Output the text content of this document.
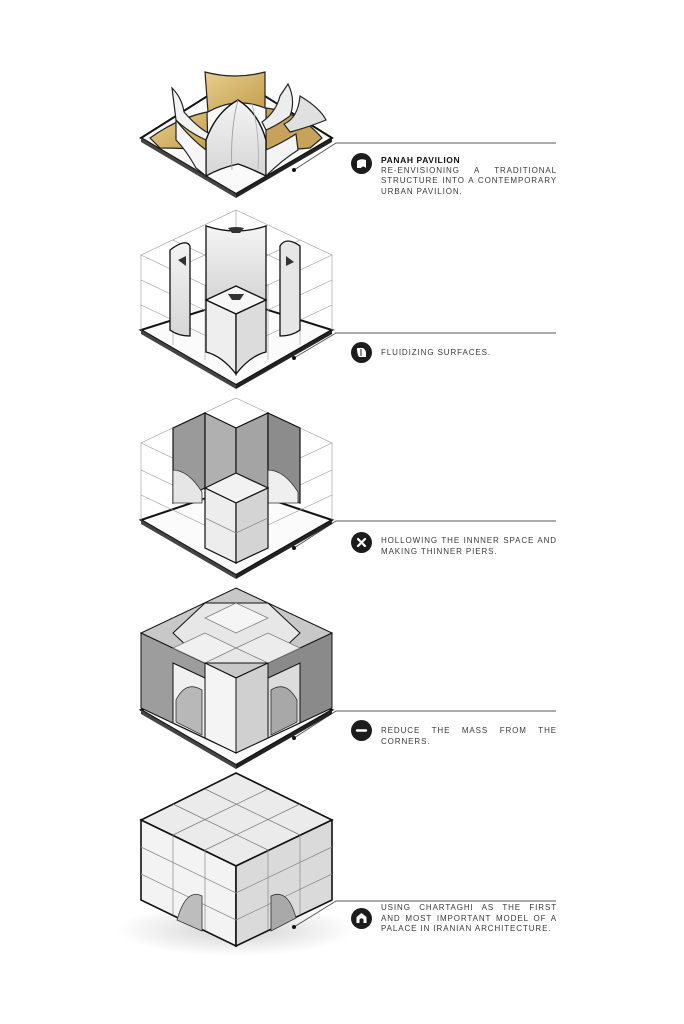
PANAH PAVILION
RE-ENVISIONING A TRADITIONAL STRUCTURE INTO A CONTEMPORARY URBAN PAVILION.
FLUIDIZING SURFACES.
HOLLOWING THE INNNER SPACE AND MAKING THINNER PIERS.
REDUCE THE MASS FROM THE CORNERS.
USING CHARTAGHI AS THE FIRST AND MOST IMPORTANT MODEL OF A PALACE IN IRANIAN ARCHITECTURE.
